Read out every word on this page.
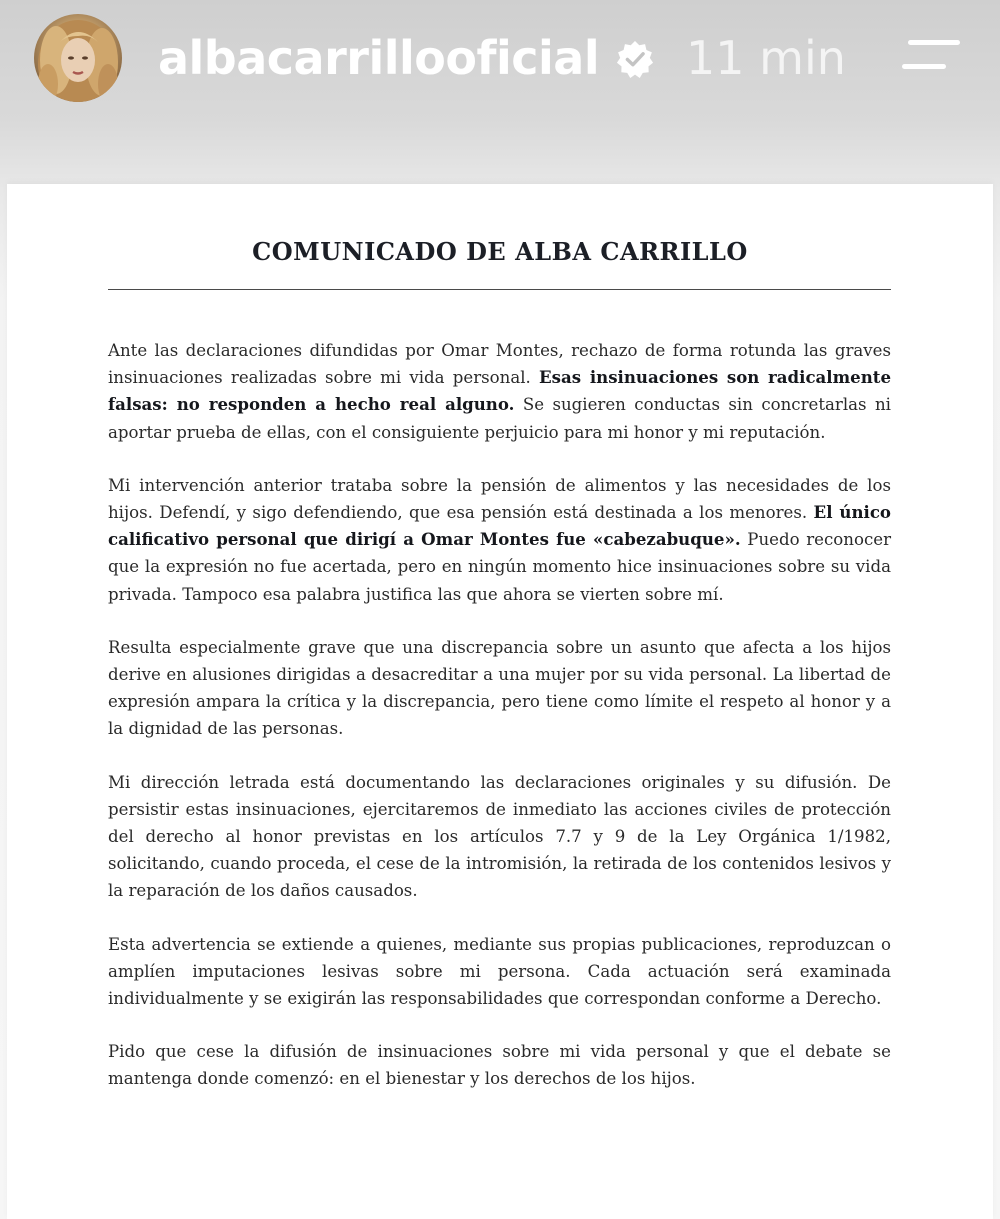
albacarrillooficial 11 min
COMUNICADO DE ALBA CARRILLO

Ante las declaraciones difundidas por Omar Montes, rechazo de forma rotunda las graves insinuaciones realizadas sobre mi vida personal. Esas insinuaciones son radicalmente falsas: no responden a hecho real alguno. Se sugieren conductas sin concretarlas ni aportar prueba de ellas, con el consiguiente perjuicio para mi honor y mi reputación.

Mi intervención anterior trataba sobre la pensión de alimentos y las necesidades de los hijos. Defendí, y sigo defendiendo, que esa pensión está destinada a los menores. El único calificativo personal que dirigí a Omar Montes fue «cabezabuque». Puedo reconocer que la expresión no fue acertada, pero en ningún momento hice insinuaciones sobre su vida privada. Tampoco esa palabra justifica las que ahora se vierten sobre mí.

Resulta especialmente grave que una discrepancia sobre un asunto que afecta a los hijos derive en alusiones dirigidas a desacreditar a una mujer por su vida personal. La libertad de expresión ampara la crítica y la discrepancia, pero tiene como límite el respeto al honor y a la dignidad de las personas.

Mi dirección letrada está documentando las declaraciones originales y su difusión. De persistir estas insinuaciones, ejercitaremos de inmediato las acciones civiles de protección del derecho al honor previstas en los artículos 7.7 y 9 de la Ley Orgánica 1/1982, solicitando, cuando proceda, el cese de la intromisión, la retirada de los contenidos lesivos y la reparación de los daños causados.

Esta advertencia se extiende a quienes, mediante sus propias publicaciones, reproduzcan o amplíen imputaciones lesivas sobre mi persona. Cada actuación será examinada individualmente y se exigirán las responsabilidades que correspondan conforme a Derecho.

Pido que cese la difusión de insinuaciones sobre mi vida personal y que el debate se mantenga donde comenzó: en el bienestar y los derechos de los hijos.
